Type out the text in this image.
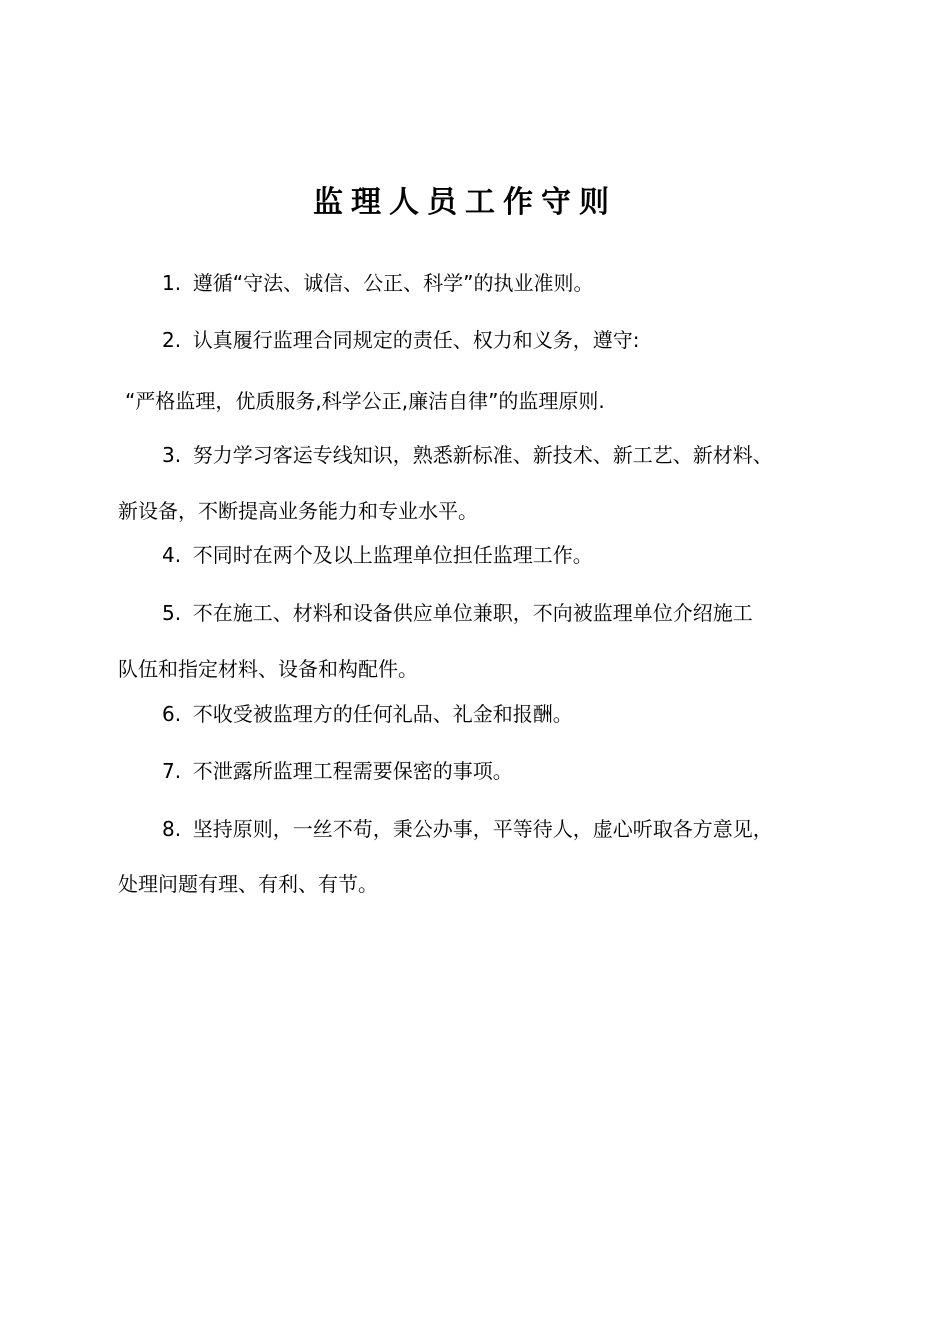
监理人员工作守则
1. 遵循“守法、诚信、公正、科学”的执业准则。
2. 认真履行监理合同规定的责任、权力和义务，遵守:
“严格监理，优质服务,科学公正,廉洁自律”的监理原则.
3. 努力学习客运专线知识，熟悉新标准、新技术、新工艺、新材料、
新设备，不断提高业务能力和专业水平。
4. 不同时在两个及以上监理单位担任监理工作。
5. 不在施工、材料和设备供应单位兼职，不向被监理单位介绍施工
队伍和指定材料、设备和构配件。
6. 不收受被监理方的任何礼品、礼金和报酬。
7. 不泄露所监理工程需要保密的事项。
8. 坚持原则，一丝不苟，秉公办事，平等待人，虚心听取各方意见，
处理问题有理、有利、有节。
